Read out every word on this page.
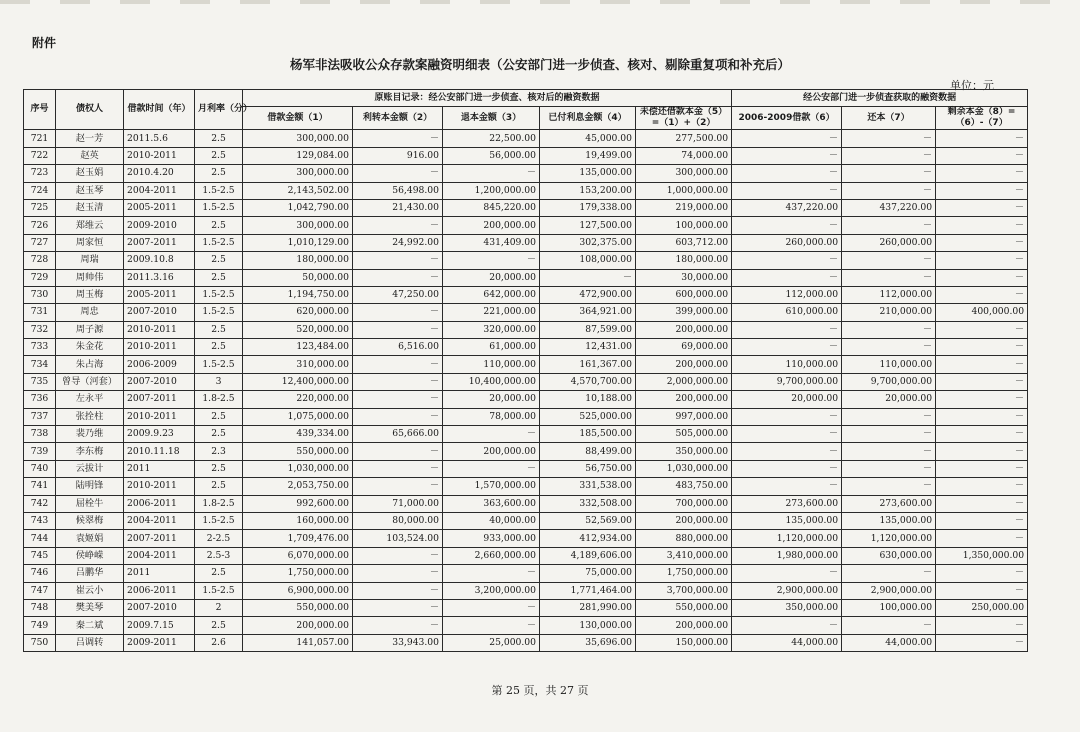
附件
杨军非法吸收公众存款案融资明细表（公安部门进一步侦查、核对、剔除重复项和补充后）
单位：元
序号	债权人	借款时间（年）	月利率（分）	原账目记录：经公安部门进一步侦查、核对后的融资数据					经公安部门进一步侦查获取的融资数据		
				借款金额（1）	利转本金额（2）	退本金额（3）	已付利息金额（4）	未偿还借款本金（5）=（1）+（2）	2006-2009借款（6）	还本（7）	剩余本金（8）=（6）-（7）
721	赵一芳	2011.5.6	2.5	300,000.00	－	22,500.00	45,000.00	277,500.00	－	－	－
722	赵英	2010-2011	2.5	129,084.00	916.00	56,000.00	19,499.00	74,000.00	－	－	－
723	赵玉娟	2010.4.20	2.5	300,000.00	－	－	135,000.00	300,000.00	－	－	－
724	赵玉琴	2004-2011	1.5-2.5	2,143,502.00	56,498.00	1,200,000.00	153,200.00	1,000,000.00	－	－	－
725	赵玉清	2005-2011	1.5-2.5	1,042,790.00	21,430.00	845,220.00	179,338.00	219,000.00	437,220.00	437,220.00	－
726	郑维云	2009-2010	2.5	300,000.00	－	200,000.00	127,500.00	100,000.00	－	－	－
727	周家恒	2007-2011	1.5-2.5	1,010,129.00	24,992.00	431,409.00	302,375.00	603,712.00	260,000.00	260,000.00	－
728	周瑞	2009.10.8	2.5	180,000.00	－	－	108,000.00	180,000.00	－	－	－
729	周帅伟	2011.3.16	2.5	50,000.00	－	20,000.00	－	30,000.00	－	－	－
730	周玉梅	2005-2011	1.5-2.5	1,194,750.00	47,250.00	642,000.00	472,900.00	600,000.00	112,000.00	112,000.00	－
731	周忠	2007-2010	1.5-2.5	620,000.00	－	221,000.00	364,921.00	399,000.00	610,000.00	210,000.00	400,000.00
732	周子源	2010-2011	2.5	520,000.00	－	320,000.00	87,599.00	200,000.00	－	－	－
733	朱金花	2010-2011	2.5	123,484.00	6,516.00	61,000.00	12,431.00	69,000.00	－	－	－
734	朱占海	2006-2009	1.5-2.5	310,000.00	－	110,000.00	161,367.00	200,000.00	110,000.00	110,000.00	－
735	曾导（河套）	2007-2010	3	12,400,000.00	－	10,400,000.00	4,570,700.00	2,000,000.00	9,700,000.00	9,700,000.00	－
736	左永平	2007-2011	1.8-2.5	220,000.00	－	20,000.00	10,188.00	200,000.00	20,000.00	20,000.00	－
737	张拴柱	2010-2011	2.5	1,075,000.00	－	78,000.00	525,000.00	997,000.00	－	－	－
738	裴乃维	2009.9.23	2.5	439,334.00	65,666.00	－	185,500.00	505,000.00	－	－	－
739	李东梅	2010.11.18	2.3	550,000.00	－	200,000.00	88,499.00	350,000.00	－	－	－
740	云拔计	2011	2.5	1,030,000.00	－	－	56,750.00	1,030,000.00	－	－	－
741	陆明锋	2010-2011	2.5	2,053,750.00	－	1,570,000.00	331,538.00	483,750.00	－	－	－
742	屈栓牛	2006-2011	1.8-2.5	992,600.00	71,000.00	363,600.00	332,508.00	700,000.00	273,600.00	273,600.00	－
743	候翠梅	2004-2011	1.5-2.5	160,000.00	80,000.00	40,000.00	52,569.00	200,000.00	135,000.00	135,000.00	－
744	袁姬娟	2007-2011	2-2.5	1,709,476.00	103,524.00	933,000.00	412,934.00	880,000.00	1,120,000.00	1,120,000.00	－
745	侯峥嵘	2004-2011	2.5-3	6,070,000.00	－	2,660,000.00	4,189,606.00	3,410,000.00	1,980,000.00	630,000.00	1,350,000.00
746	吕鹏华	2011	2.5	1,750,000.00	－	－	75,000.00	1,750,000.00	－	－	－
747	崔云小	2006-2011	1.5-2.5	6,900,000.00	－	3,200,000.00	1,771,464.00	3,700,000.00	2,900,000.00	2,900,000.00	－
748	樊美琴	2007-2010	2	550,000.00	－	－	281,990.00	550,000.00	350,000.00	100,000.00	250,000.00
749	秦二斌	2009.7.15	2.5	200,000.00	－	－	130,000.00	200,000.00	－	－	－
750	吕调转	2009-2011	2.6	141,057.00	33,943.00	25,000.00	35,696.00	150,000.00	44,000.00	44,000.00	－
第 25 页，共 27 页
